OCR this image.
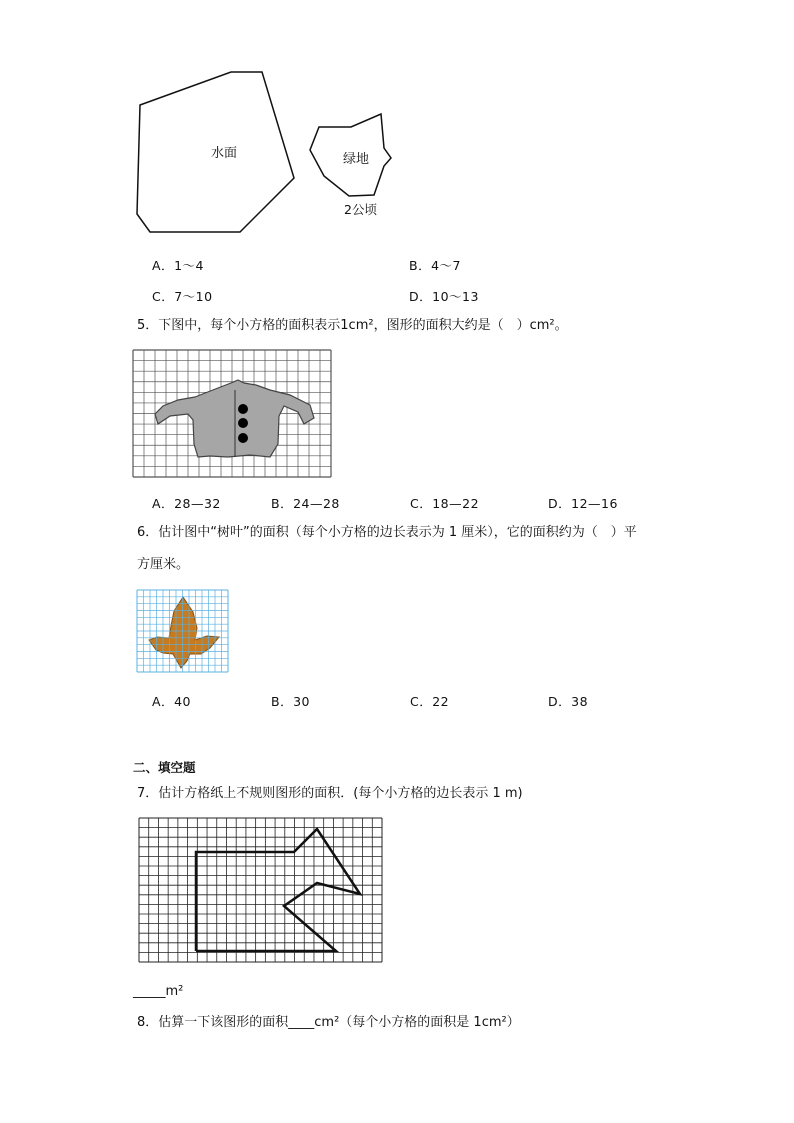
水面	绿地
2公顷
A．1～4	B．4～7
C．7～10	D．10～13
5．下图中，每个小方格的面积表示1cm²，图形的面积大约是（　）cm²。
A．28—32	B．24—28	C．18—22	D．12—16
6．估计图中“树叶”的面积（每个小方格的边长表示为 1 厘米），它的面积约为（　）平
方厘米。
A．40	B．30	C．22	D．38
二、填空题
7．估计方格纸上不规则图形的面积．(每个小方格的边长表示 1 m)
_____m²
8．估算一下该图形的面积____cm²（每个小方格的面积是 1cm²）
